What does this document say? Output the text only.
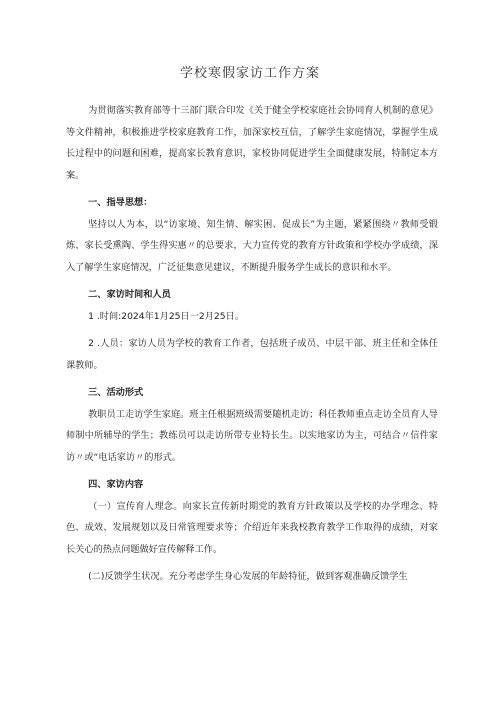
学校寒假家访工作方案

为贯彻落实教育部等十三部门联合印发《关于健全学校家庭社会协同育人机制的意见》等文件精神，积极推进学校家庭教育工作，加深家校互信，了解学生家庭情况，掌握学生成长过程中的问题和困难，提高家长教育意识，家校协同促进学生全面健康发展，特制定本方案。

一、指导思想：

坚持以人为本，以“访家境、知生情、解实困、促成长”为主题，紧紧围绕〃教师受锻炼、家长受熏陶、学生得实惠〃的总要求，大力宣传党的教育方针政策和学校办学成绩，深入了解学生家庭情况，广泛征集意见建议，不断提升服务学生成长的意识和水平。

二、家访时间和人员

1 .时间:2024年1月25日一2月25日。

2 .人员：家访人员为学校的教育工作者，包括班子成员、中层干部、班主任和全体任课教师。

三、活动形式

教职员工走访学生家庭。班主任根据班级需要随机走访；科任教师重点走访全员育人导师制中所辅导的学生；教练员可以走访所带专业特长生。以实地家访为主，可结合〃信件家访〃或“电话家访〃的形式。

四、家访内容

（一）宣传育人理念。向家长宣传新时期党的教育方针政策以及学校的办学理念、特色、成效、发展规划以及日常管理要求等；介绍近年来我校教育教学工作取得的成绩，对家长关心的热点问题做好宣传解释工作。

(二)反馈学生状况。充分考虑学生身心发展的年龄特征，做到客观准确反馈学生
